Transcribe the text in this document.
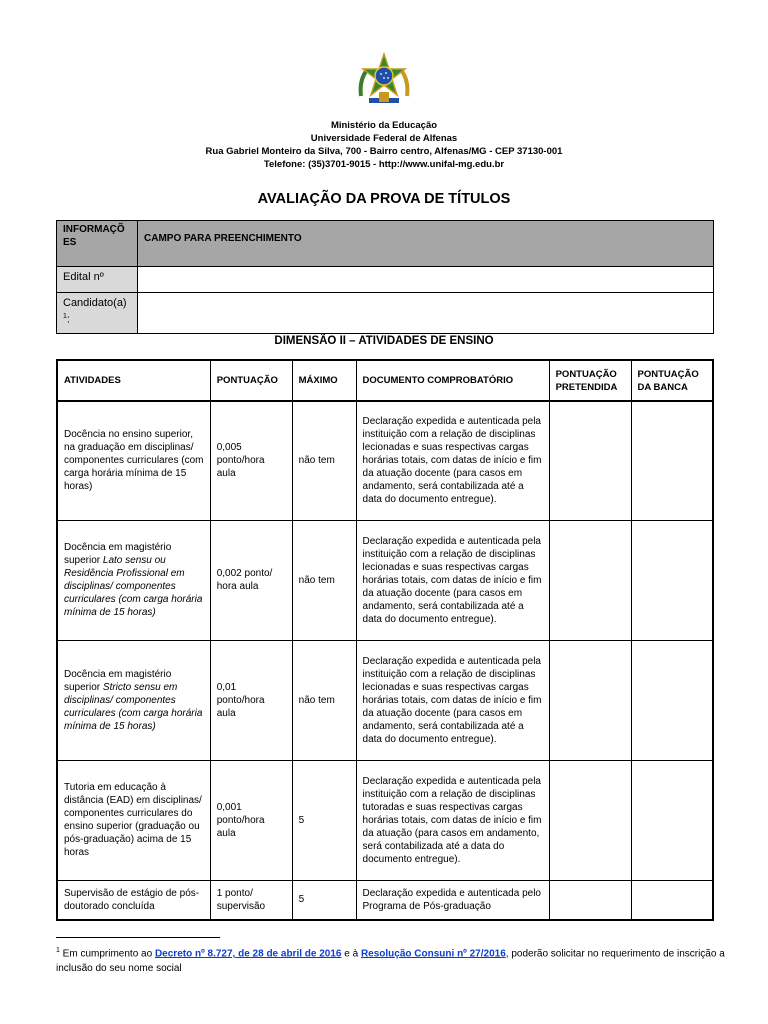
Ministério da Educação
Universidade Federal de Alfenas
Rua Gabriel Monteiro da Silva, 700 - Bairro centro, Alfenas/MG - CEP 37130-001
Telefone: (35)3701-9015 - http://www.unifal-mg.edu.br
AVALIAÇÃO DA PROVA DE TÍTULOS
INFORMAÇÕ ES	CAMPO PARA PREENCHIMENTO
Edital nº	
Candidato(a)
$^1$:	
DIMENSÃO II – ATIVIDADES DE ENSINO
ATIVIDADES	PONTUAÇÃO	MÁXIMO	DOCUMENTO COMPROBATÓRIO	PONTUAÇÃO PRETENDIDA	PONTUAÇÃO DA BANCA
Docência no ensino superior, na graduação em disciplinas/ componentes curriculares (com carga horária mínima de 15 horas)	0,005 ponto/hora aula	não tem	Declaração expedida e autenticada pela instituição com a relação de disciplinas lecionadas e suas respectivas cargas horárias totais, com datas de início e fim da atuação docente (para casos em andamento, será contabilizada até a data do documento entregue).		
Docência em magistério superior Lato sensu ou Residência Profissional em disciplinas/ componentes curriculares (com carga horária mínima de 15 horas)	0,002 ponto/ hora aula	não tem	Declaração expedida e autenticada pela instituição com a relação de disciplinas lecionadas e suas respectivas cargas horárias totais, com datas de início e fim da atuação docente (para casos em andamento, será contabilizada até a data do documento entregue).		
Docência em magistério superior Stricto sensu em disciplinas/ componentes curriculares (com carga horária mínima de 15 horas)	0,01 ponto/hora aula	não tem	Declaração expedida e autenticada pela instituição com a relação de disciplinas lecionadas e suas respectivas cargas horárias totais, com datas de início e fim da atuação docente (para casos em andamento, será contabilizada até a data do documento entregue).		
Tutoria em educação à distância (EAD) em disciplinas/ componentes curriculares do ensino superior (graduação ou pós-graduação) acima de 15 horas	0,001 ponto/hora aula	5	Declaração expedida e autenticada pela instituição com a relação de disciplinas tutoradas e suas respectivas cargas horárias totais, com datas de início e fim da atuação (para casos em andamento, será contabilizada até a data do documento entregue).		
Supervisão de estágio de pós-doutorado concluída	1 ponto/ supervisão	5	Declaração expedida e autenticada pelo Programa de Pós-graduação		
$^1$ Em cumprimento ao Decreto nº 8.727, de 28 de abril de 2016 e à Resolução Consuni nº 27/2016, poderão solicitar no requerimento de inscrição a inclusão do seu nome social
